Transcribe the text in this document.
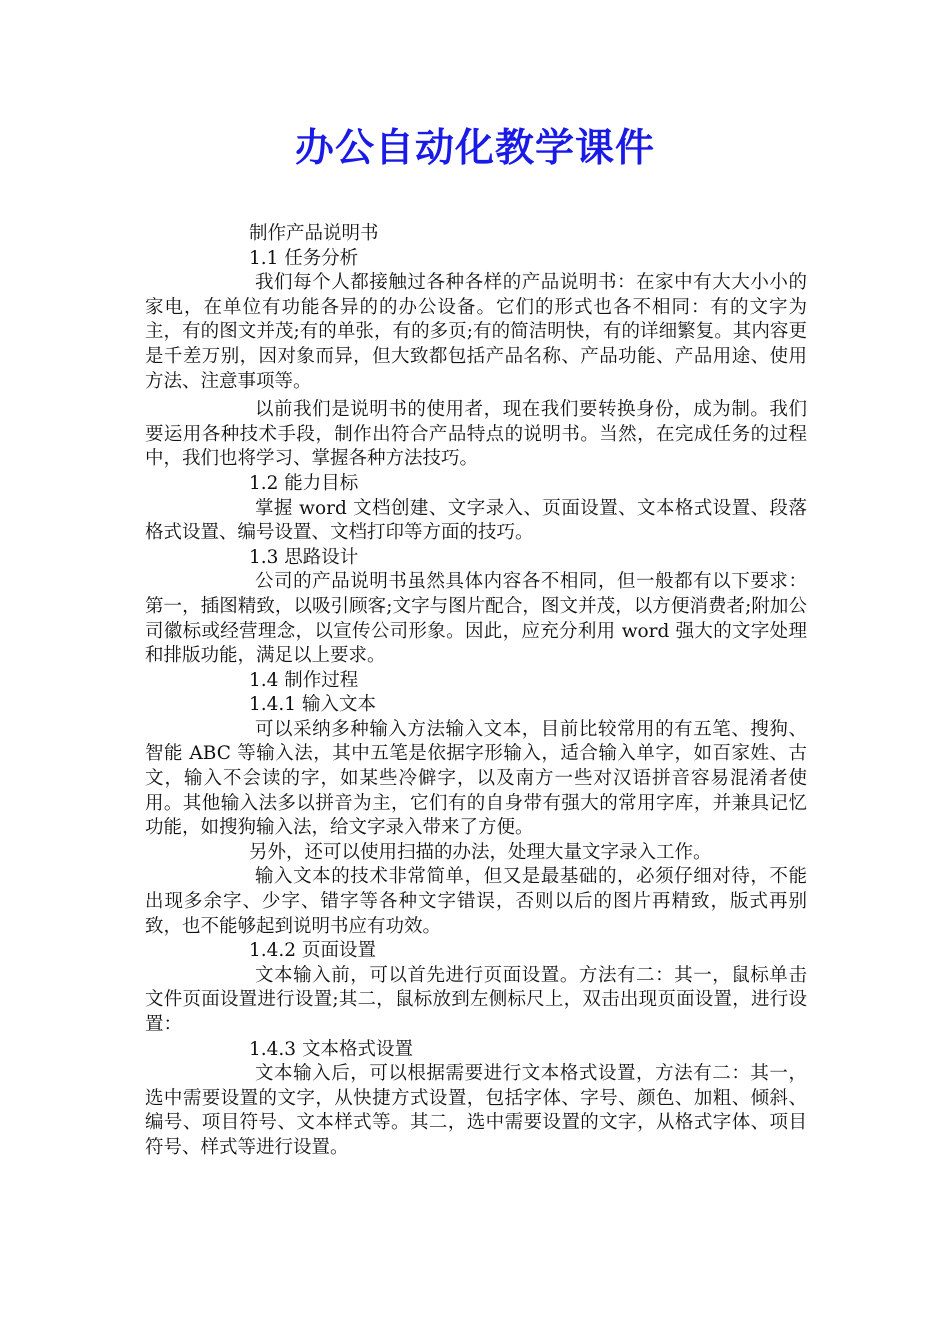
办公自动化教学课件

制作产品说明书

1.1 任务分析

我们每个人都接触过各种各样的产品说明书：在家中有大大小小的家电，在单位有功能各异的的办公设备。它们的形式也各不相同：有的文字为主，有的图文并茂;有的单张，有的多页;有的简洁明快，有的详细繁复。其内容更是千差万别，因对象而异，但大致都包括产品名称、产品功能、产品用途、使用方法、注意事项等。

以前我们是说明书的使用者，现在我们要转换身份，成为制。我们要运用各种技术手段，制作出符合产品特点的说明书。当然，在完成任务的过程中，我们也将学习、掌握各种方法技巧。

1.2 能力目标

掌握 word 文档创建、文字录入、页面设置、文本格式设置、段落格式设置、编号设置、文档打印等方面的技巧。

1.3 思路设计

公司的产品说明书虽然具体内容各不相同，但一般都有以下要求：第一，插图精致，以吸引顾客;文字与图片配合，图文并茂，以方便消费者;附加公司徽标或经营理念，以宣传公司形象。因此，应充分利用 word 强大的文字处理和排版功能，满足以上要求。

1.4 制作过程

1.4.1 输入文本

可以采纳多种输入方法输入文本，目前比较常用的有五笔、搜狗、智能 ABC 等输入法，其中五笔是依据字形输入，适合输入单字，如百家姓、古文，输入不会读的字，如某些冷僻字，以及南方一些对汉语拼音容易混淆者使用。其他输入法多以拼音为主，它们有的自身带有强大的常用字库，并兼具记忆功能，如搜狗输入法，给文字录入带来了方便。

另外，还可以使用扫描的办法，处理大量文字录入工作。

输入文本的技术非常简单，但又是最基础的，必须仔细对待，不能出现多余字、少字、错字等各种文字错误，否则以后的图片再精致，版式再别致，也不能够起到说明书应有功效。

1.4.2 页面设置

文本输入前，可以首先进行页面设置。方法有二：其一，鼠标单击文件页面设置进行设置;其二，鼠标放到左侧标尺上，双击出现页面设置，进行设置：

1.4.3 文本格式设置

文本输入后，可以根据需要进行文本格式设置，方法有二：其一，选中需要设置的文字，从快捷方式设置，包括字体、字号、颜色、加粗、倾斜、编号、项目符号、文本样式等。其二，选中需要设置的文字，从格式字体、项目符号、样式等进行设置。
